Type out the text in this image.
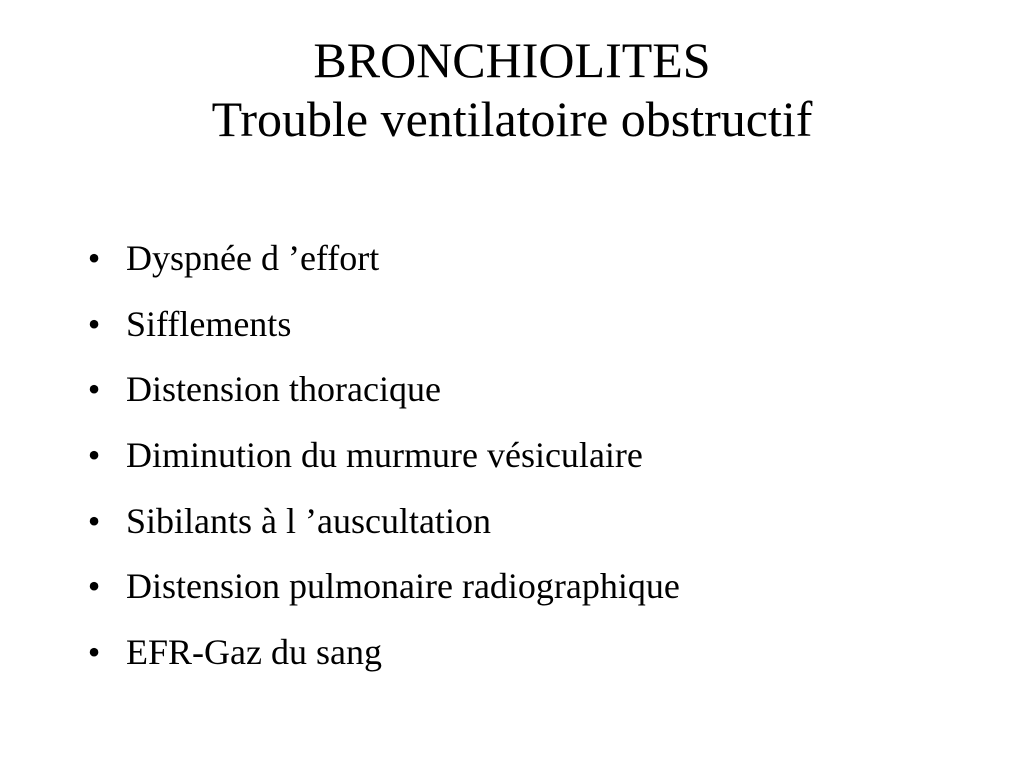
BRONCHIOLITES
Trouble ventilatoire obstructif
• Dyspnée d ’effort
• Sifflements
• Distension thoracique
• Diminution du murmure vésiculaire
• Sibilants à l ’auscultation
• Distension pulmonaire radiographique
• EFR-Gaz du sang
